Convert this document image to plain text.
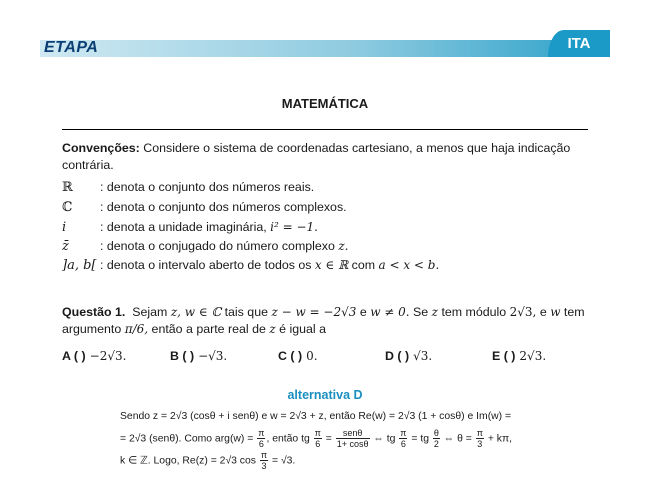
ETAPA	ITA
MATEMÁTICA
Convenções: Considere o sistema de coordenadas cartesiano, a menos que haja indicação contrária.
ℝ : denota o conjunto dos números reais.
ℂ : denota o conjunto dos números complexos.
i	: denota a unidade imaginária, i² = −1.
z̄	: denota o conjugado do número complexo z.
]a, b[ : denota o intervalo aberto de todos os x ∈ ℝ com a < x < b.
Questão 1. Sejam z, w ∈ ℂ tais que z − w = −2√3 e w ≠ 0. Se z tem módulo 2√3, e w tem argumento π/6, então a parte real de z é igual a
A ( ) −2√3.	B ( ) −√3.	C ( ) 0.	D ( ) √3.	E ( ) 2√3.
alternativa D
Sendo z = 2√3 (cosθ + i senθ) e w = 2√3 + z, então Re(w) = 2√3 (1 + cosθ) e Im(w) =
= 2√3 (senθ). Como $arg(w) = \frac{\pi}{6}$ , então tg $\frac{\pi}{6} = \frac{\text{senθ}}{1+ \cos\theta}$ ⇔ tg $\frac{\pi}{6}$ = tg $\frac{\theta}{2}$ ⇔ $\theta = \frac{\pi}{3} + k\pi$,
k ∈ ℤ. Logo, Re(z) = 2√3 $\cos \frac{\pi}{3} = √3$.
